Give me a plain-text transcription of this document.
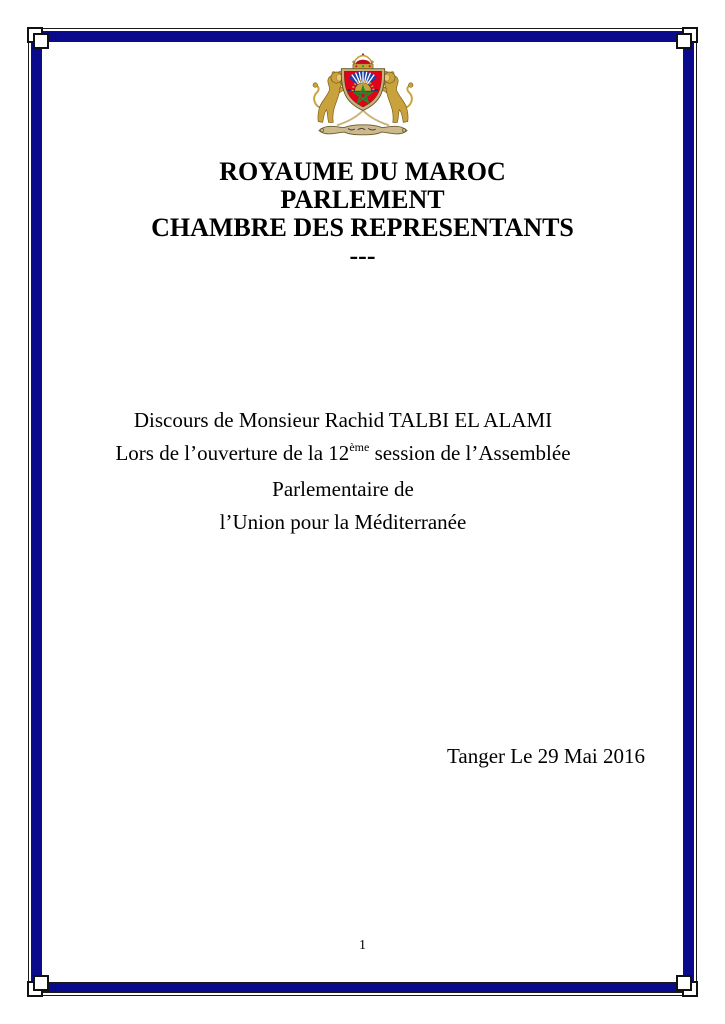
ROYAUME DU MAROC
PARLEMENT
CHAMBRE DES REPRESENTANTS
---
Discours de Monsieur Rachid TALBI EL ALAMI
Lors de l’ouverture de la 12ème session de l’Assemblée Parlementaire de
l’Union pour la Méditerranée
Tanger Le 29 Mai 2016
1
